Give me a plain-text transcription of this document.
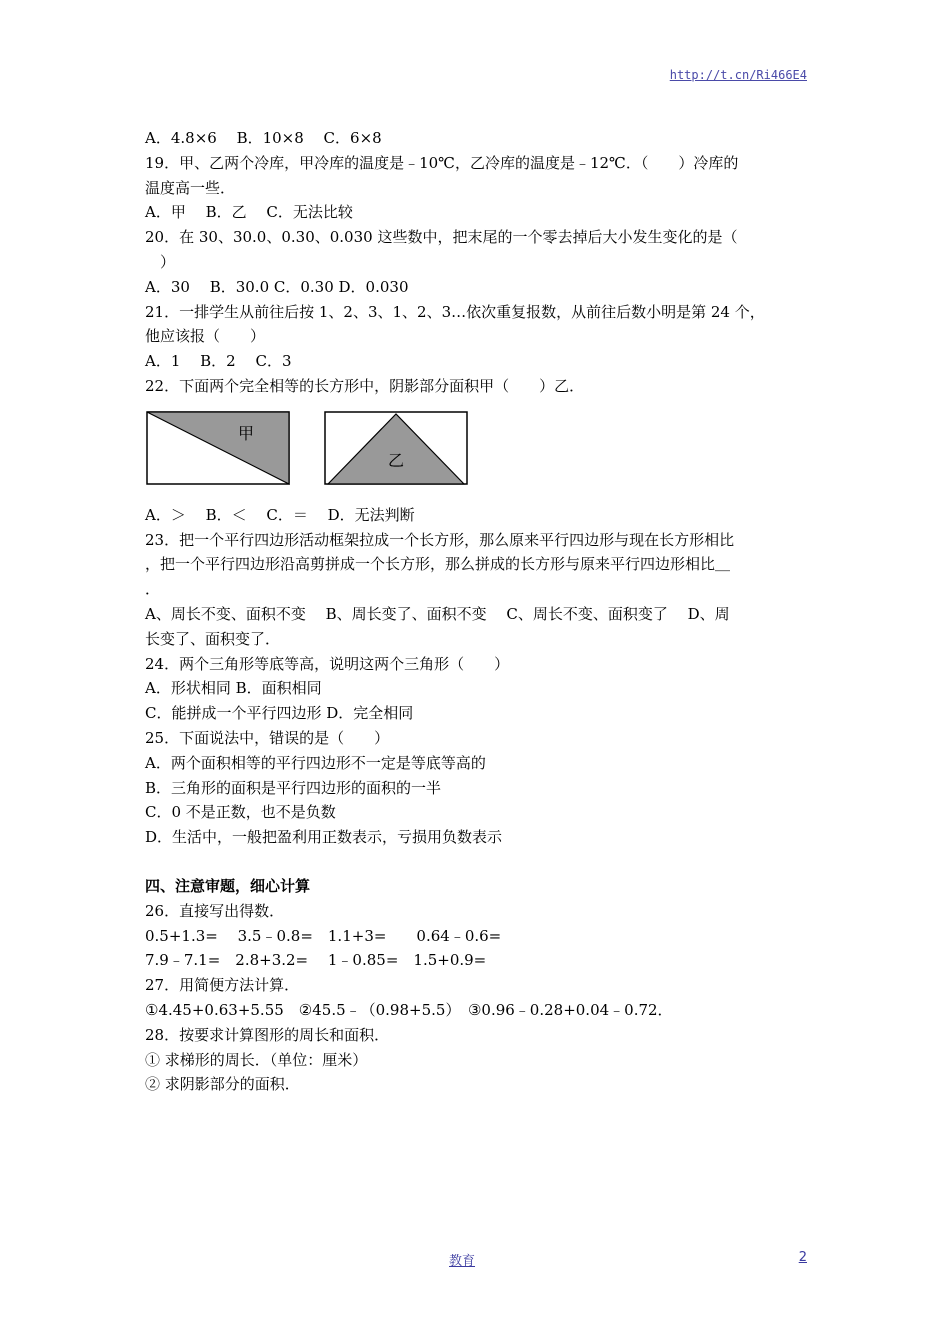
http://t.cn/Ri466E4
A．4.8×6　 B．10×8　 C．6×8
19．甲、乙两个冷库，甲冷库的温度是﹣10℃，乙冷库的温度是﹣12℃．（　　）冷库的
温度高一些．
A．甲　 B．乙　 C．无法比较
20．在 30、30.0、0.30、0.030 这些数中，把末尾的一个零去掉后大小发生变化的是（
　）
A．30　 B．30.0 C．0.30 D．0.030
21．一排学生从前往后按 1、2、3、1、2、3…依次重复报数，从前往后数小明是第 24 个，
他应该报（　　）
A．1　 B．2　 C．3
22．下面两个完全相等的长方形中，阴影部分面积甲（　　）乙．
A．＞　 B．＜　 C．＝　 D．无法判断
23．把一个平行四边形活动框架拉成一个长方形，那么原来平行四边形与现在长方形相比
，把一个平行四边形沿高剪拼成一个长方形，那么拼成的长方形与原来平行四边形相比＿
．
A、周长不变、面积不变　 B、周长变了、面积不变　 C、周长不变、面积变了　 D、周
长变了、面积变了．
24．两个三角形等底等高，说明这两个三角形（　　）
A．形状相同 B．面积相同
C．能拼成一个平行四边形 D．完全相同
25．下面说法中，错误的是（　　）
A．两个面积相等的平行四边形不一定是等底等高的
B．三角形的面积是平行四边形的面积的一半
C．0 不是正数，也不是负数
D．生活中，一般把盈利用正数表示，亏损用负数表示
四、注意审题，细心计算
26．直接写出得数．
0.5+1.3=　 3.5﹣0.8=　1.1+3=　　0.64﹣0.6=
7.9﹣7.1=　2.8+3.2=　 1﹣0.85=　1.5+0.9=
27．用简便方法计算．
①4.45+0.63+5.55　②45.5﹣（0.98+5.5）　③0.96﹣0.28+0.04﹣0.72．
28．按要求计算图形的周长和面积．
① 求梯形的周长．（单位：厘米）
② 求阴影部分的面积．
甲
乙
教育	2
